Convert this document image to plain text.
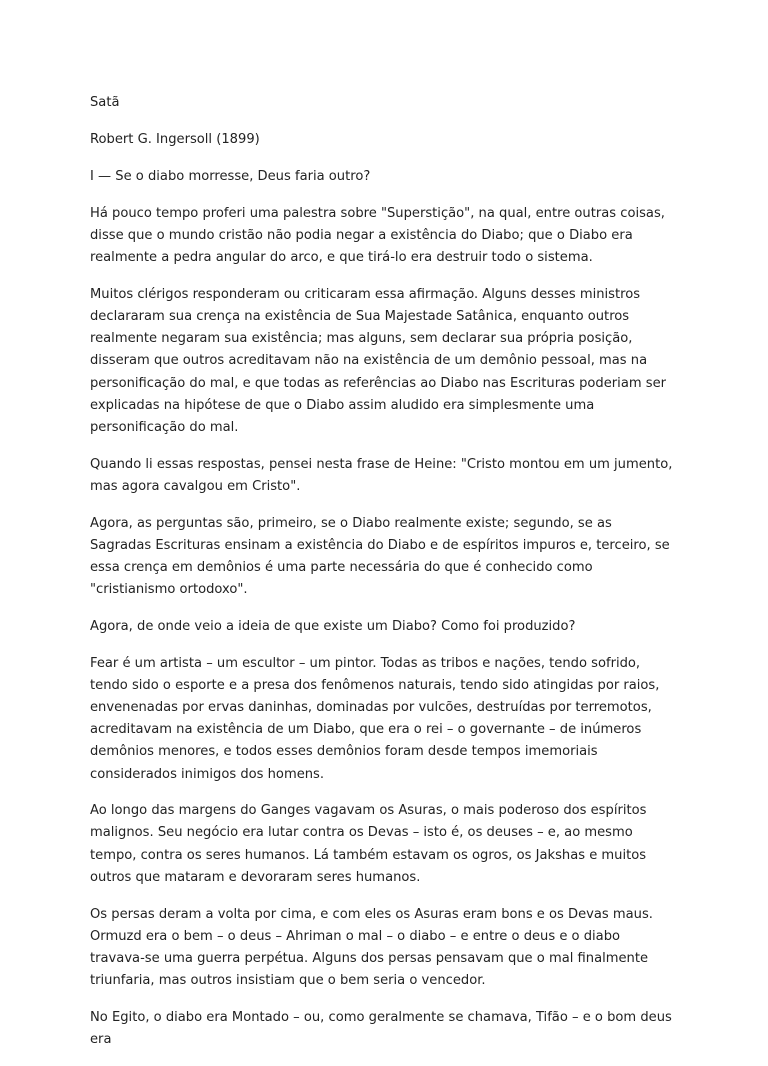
Satã

Robert G. Ingersoll (1899)

I — Se o diabo morresse, Deus faria outro?

Há pouco tempo proferi uma palestra sobre "Superstição", na qual, entre outras coisas, disse que o mundo cristão não podia negar a existência do Diabo; que o Diabo era realmente a pedra angular do arco, e que tirá-lo era destruir todo o sistema.

Muitos clérigos responderam ou criticaram essa afirmação. Alguns desses ministros declararam sua crença na existência de Sua Majestade Satânica, enquanto outros realmente negaram sua existência; mas alguns, sem declarar sua própria posição, disseram que outros acreditavam não na existência de um demônio pessoal, mas na personificação do mal, e que todas as referências ao Diabo nas Escrituras poderiam ser explicadas na hipótese de que o Diabo assim aludido era simplesmente uma personificação do mal.

Quando li essas respostas, pensei nesta frase de Heine: "Cristo montou em um jumento, mas agora cavalgou em Cristo".

Agora, as perguntas são, primeiro, se o Diabo realmente existe; segundo, se as Sagradas Escrituras ensinam a existência do Diabo e de espíritos impuros e, terceiro, se essa crença em demônios é uma parte necessária do que é conhecido como "cristianismo ortodoxo".

Agora, de onde veio a ideia de que existe um Diabo? Como foi produzido?

Fear é um artista – um escultor – um pintor. Todas as tribos e nações, tendo sofrido, tendo sido o esporte e a presa dos fenômenos naturais, tendo sido atingidas por raios, envenenadas por ervas daninhas, dominadas por vulcões, destruídas por terremotos, acreditavam na existência de um Diabo, que era o rei – o governante – de inúmeros demônios menores, e todos esses demônios foram desde tempos imemoriais considerados inimigos dos homens.

Ao longo das margens do Ganges vagavam os Asuras, o mais poderoso dos espíritos malignos. Seu negócio era lutar contra os Devas – isto é, os deuses – e, ao mesmo tempo, contra os seres humanos. Lá também estavam os ogros, os Jakshas e muitos outros que mataram e devoraram seres humanos.

Os persas deram a volta por cima, e com eles os Asuras eram bons e os Devas maus. Ormuzd era o bem – o deus – Ahriman o mal – o diabo – e entre o deus e o diabo travava-se uma guerra perpétua. Alguns dos persas pensavam que o mal finalmente triunfaria, mas outros insistiam que o bem seria o vencedor.

No Egito, o diabo era Montado – ou, como geralmente se chamava, Tifão – e o bom deus era
